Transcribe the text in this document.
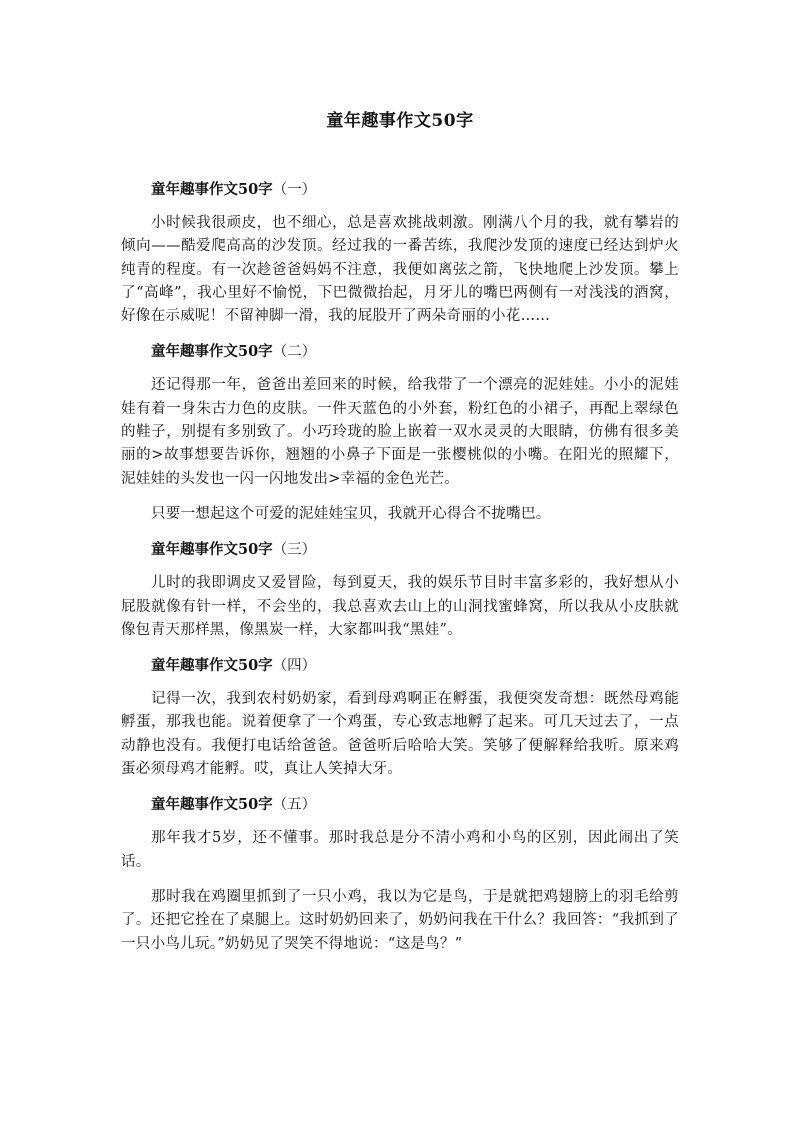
童年趣事作文50字
童年趣事作文50字（一）

小时候我很顽皮，也不细心，总是喜欢挑战刺激。刚满八个月的我，就有攀岩的倾向——酷爱爬高高的沙发顶。经过我的一番苦练，我爬沙发顶的速度已经达到炉火纯青的程度。有一次趁爸爸妈妈不注意，我便如离弦之箭，飞快地爬上沙发顶。攀上了“高峰”，我心里好不愉悦，下巴微微抬起，月牙儿的嘴巴两侧有一对浅浅的酒窝，好像在示威呢！不留神脚一滑，我的屁股开了两朵奇丽的小花……

童年趣事作文50字（二）

还记得那一年，爸爸出差回来的时候，给我带了一个漂亮的泥娃娃。小小的泥娃娃有着一身朱古力色的皮肤。一件天蓝色的小外套，粉红色的小裙子，再配上翠绿色的鞋子，别提有多别致了。小巧玲珑的脸上嵌着一双水灵灵的大眼睛，仿佛有很多美丽的>故事想要告诉你，翘翘的小鼻子下面是一张樱桃似的小嘴。在阳光的照耀下，泥娃娃的头发也一闪一闪地发出>幸福的金色光芒。

只要一想起这个可爱的泥娃娃宝贝，我就开心得合不拢嘴巴。

童年趣事作文50字（三）

儿时的我即调皮又爱冒险，每到夏天，我的娱乐节目时丰富多彩的，我好想从小屁股就像有针一样，不会坐的，我总喜欢去山上的山洞找蜜蜂窝，所以我从小皮肤就像包青天那样黑，像黑炭一样，大家都叫我“黑娃”。

童年趣事作文50字（四）

记得一次，我到农村奶奶家，看到母鸡啊正在孵蛋，我便突发奇想：既然母鸡能孵蛋，那我也能。说着便拿了一个鸡蛋，专心致志地孵了起来。可几天过去了，一点动静也没有。我便打电话给爸爸。爸爸听后哈哈大笑。笑够了便解释给我听。原来鸡蛋必须母鸡才能孵。哎，真让人笑掉大牙。

童年趣事作文50字（五）

那年我才5岁，还不懂事。那时我总是分不清小鸡和小鸟的区别，因此闹出了笑话。

那时我在鸡圈里抓到了一只小鸡，我以为它是鸟，于是就把鸡翅膀上的羽毛给剪了。还把它拴在了桌腿上。这时奶奶回来了，奶奶问我在干什么？我回答：“我抓到了一只小鸟儿玩。”奶奶见了哭笑不得地说：“这是鸟？”
